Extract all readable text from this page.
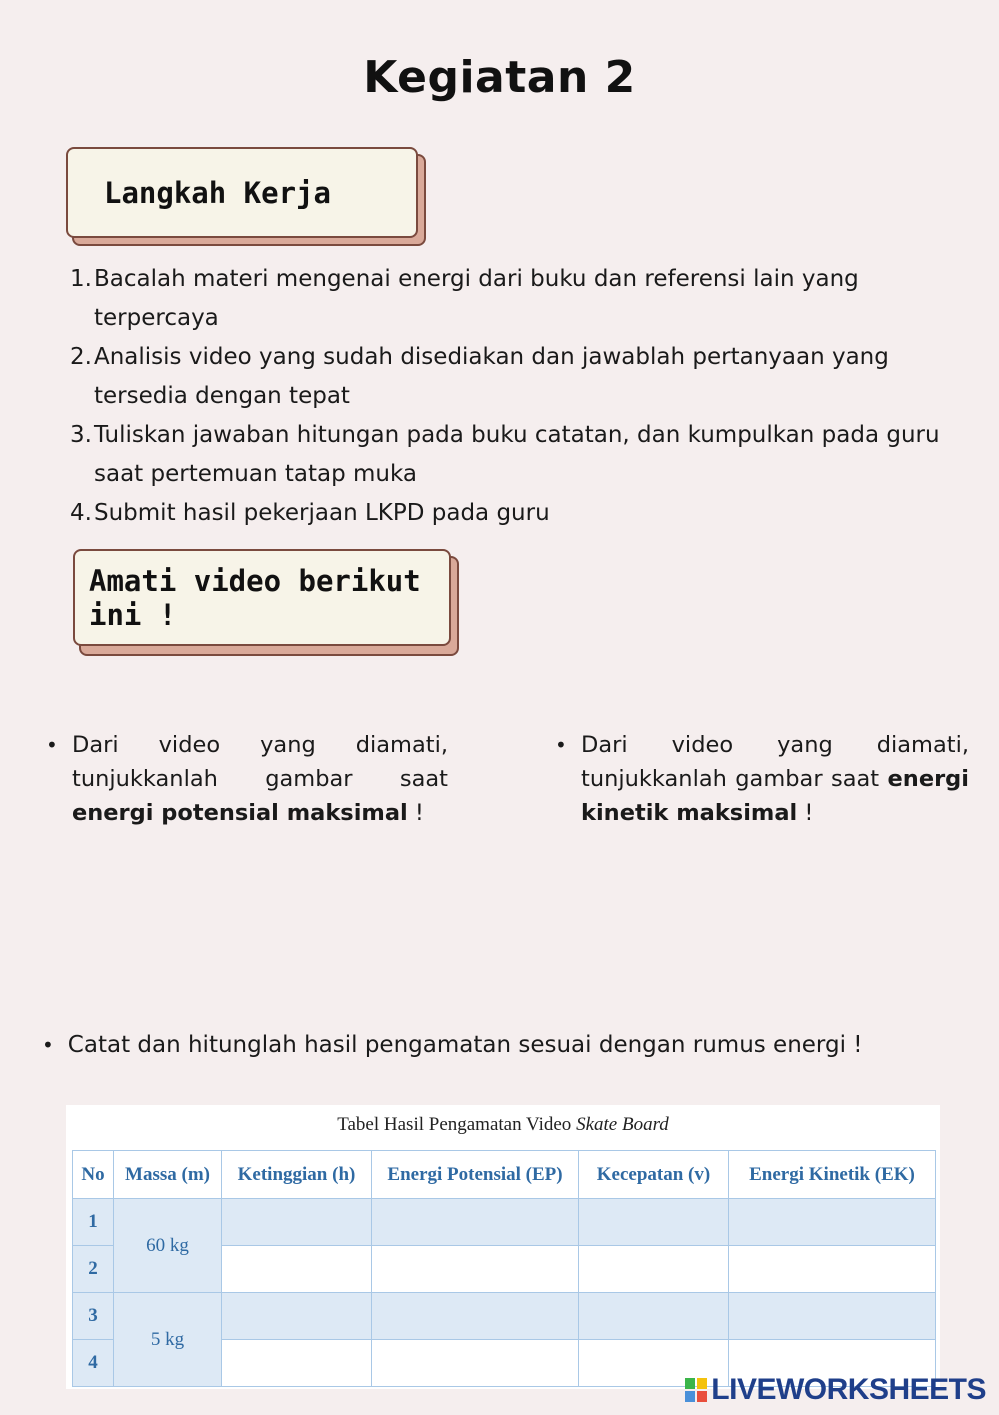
Kegiatan 2
Langkah Kerja
1. Bacalah materi mengenai energi dari buku dan referensi lain yang terpercaya
2. Analisis video yang sudah disediakan dan jawablah pertanyaan yang tersedia dengan tepat
3. Tuliskan jawaban hitungan pada buku catatan, dan kumpulkan pada guru saat pertemuan tatap muka
4. Submit hasil pekerjaan LKPD pada guru
Amati video berikut ini !
• Dari video yang diamati, tunjukkanlah gambar saat energi potensial maksimal !
• Dari video yang diamati, tunjukkanlah gambar saat energi kinetik maksimal !
• Catat dan hitunglah hasil pengamatan sesuai dengan rumus energi !
Tabel Hasil Pengamatan Video Skate Board
No	Massa (m)	Ketinggian (h)	Energi Potensial (EP)	Kecepatan (v)	Energi Kinetik (EK)
1	60 kg				
2					
3	5 kg				
4					
LIVEWORKSHEETS
